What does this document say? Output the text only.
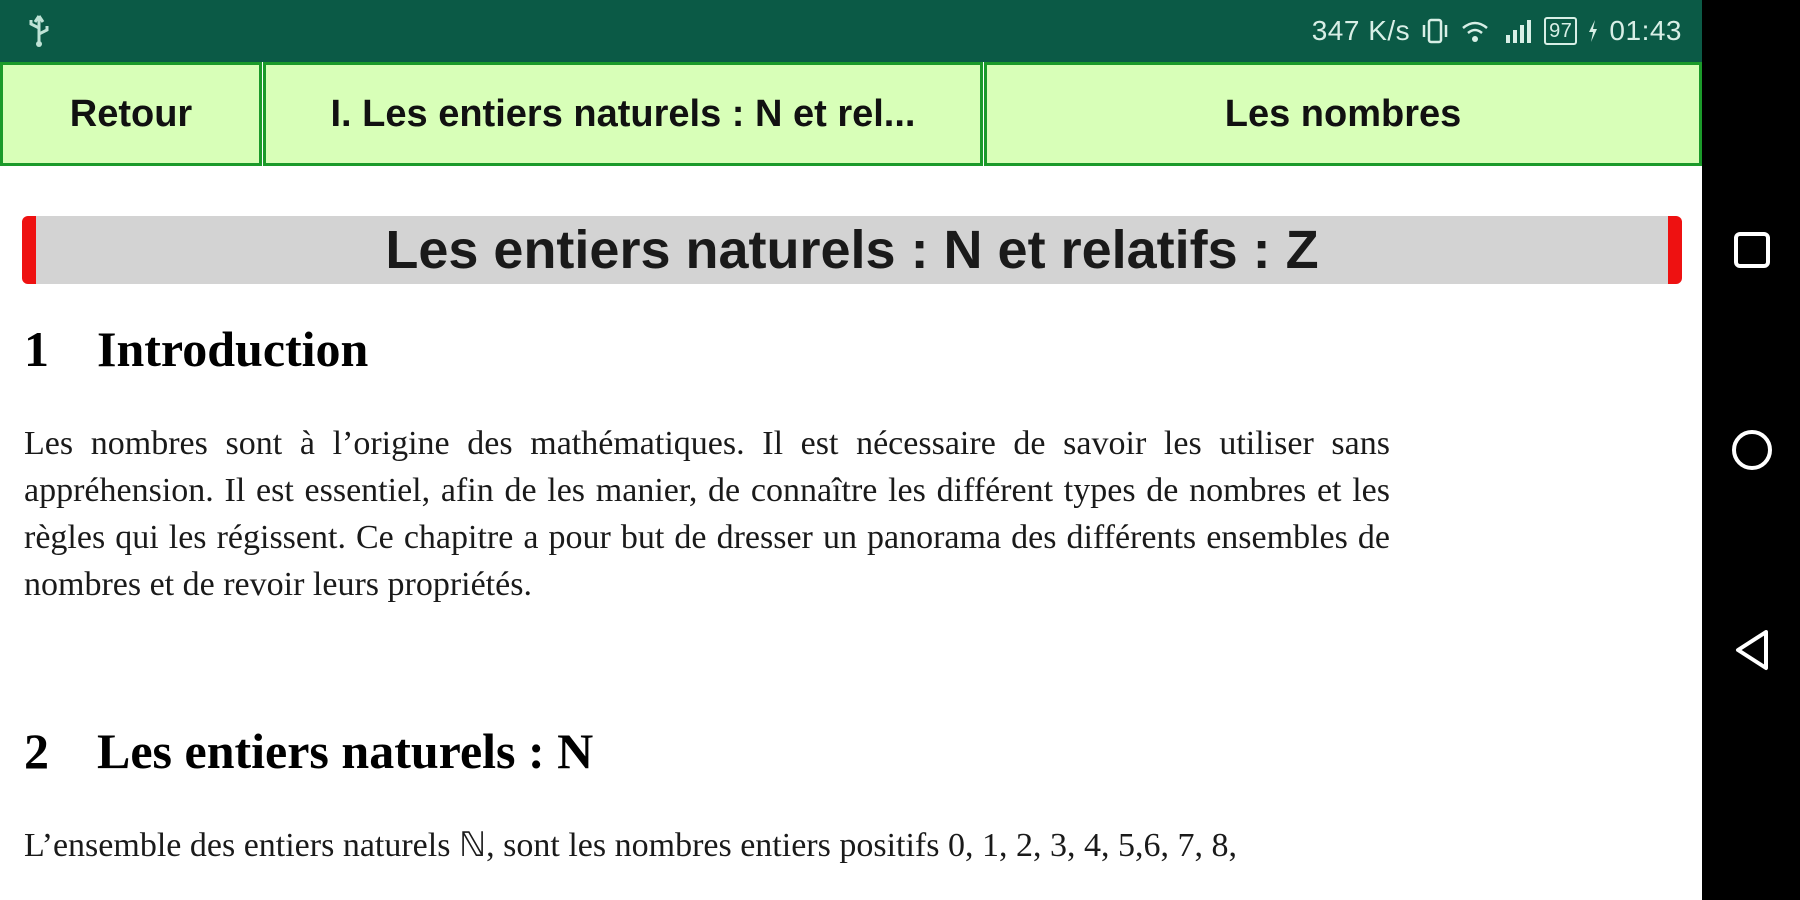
347 K/s	97 01:43
Retour	I. Les entiers naturels : N et rel...	Les nombres
Les entiers naturels : N et relatifs : Z
1 Introduction
Les nombres sont à l’origine des mathématiques. Il est nécessaire de savoir les utiliser sans appréhension. Il est essentiel, afin de les manier, de connaître les différent types de nombres et les règles qui les régissent. Ce chapitre a pour but de dresser un panorama des différents ensembles de nombres et de revoir leurs propriétés.
2 Les entiers naturels : N
L’ensemble des entiers naturels ℕ, sont les nombres entiers positifs 0, 1, 2, 3, 4, 5,6, 7, 8,
